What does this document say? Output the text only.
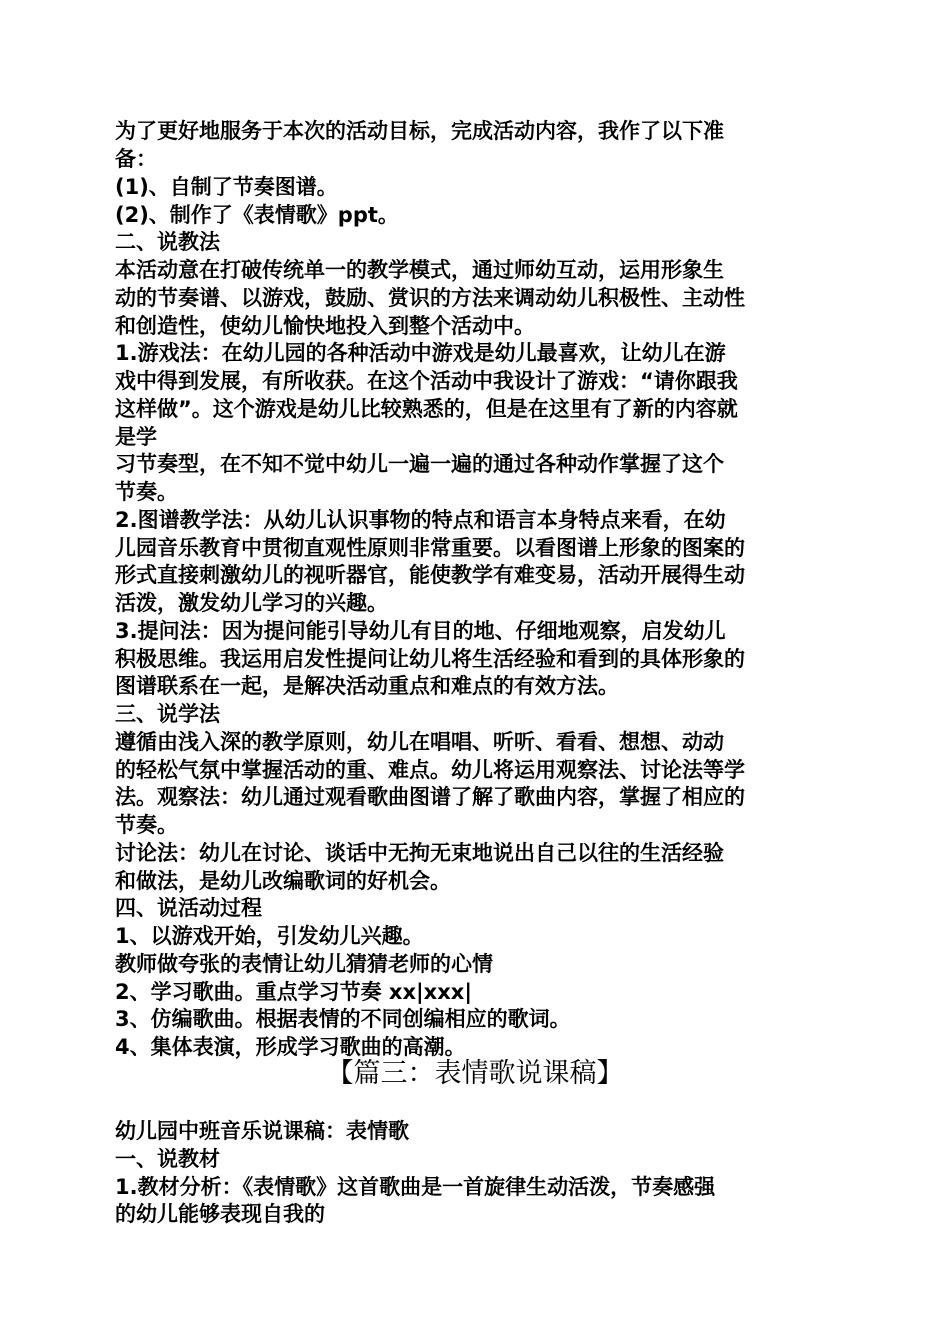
为了更好地服务于本次的活动目标，完成活动内容，我作了以下准
备：
(1)、自制了节奏图谱。
(2)、制作了《表情歌》ppt。
二、说教法
本活动意在打破传统单一的教学模式，通过师幼互动，运用形象生
动的节奏谱、以游戏，鼓励、赏识的方法来调动幼儿积极性、主动性
和创造性，使幼儿愉快地投入到整个活动中。
1.游戏法：在幼儿园的各种活动中游戏是幼儿最喜欢，让幼儿在游
戏中得到发展，有所收获。在这个活动中我设计了游戏：“请你跟我
这样做”。这个游戏是幼儿比较熟悉的，但是在这里有了新的内容就
是学
习节奏型，在不知不觉中幼儿一遍一遍的通过各种动作掌握了这个
节奏。
2.图谱教学法：从幼儿认识事物的特点和语言本身特点来看，在幼
儿园音乐教育中贯彻直观性原则非常重要。以看图谱上形象的图案的
形式直接刺激幼儿的视听器官，能使教学有难变易，活动开展得生动
活泼，激发幼儿学习的兴趣。
3.提问法：因为提问能引导幼儿有目的地、仔细地观察，启发幼儿
积极思维。我运用启发性提问让幼儿将生活经验和看到的具体形象的
图谱联系在一起，是解决活动重点和难点的有效方法。
三、说学法
遵循由浅入深的教学原则，幼儿在唱唱、听听、看看、想想、动动
的轻松气氛中掌握活动的重、难点。幼儿将运用观察法、讨论法等学
法。观察法：幼儿通过观看歌曲图谱了解了歌曲内容，掌握了相应的
节奏。
讨论法：幼儿在讨论、谈话中无拘无束地说出自己以往的生活经验
和做法，是幼儿改编歌词的好机会。
四、说活动过程
1、以游戏开始，引发幼儿兴趣。
教师做夸张的表情让幼儿猜猜老师的心情
2、学习歌曲。重点学习节奏 xx|xxx|
3、仿编歌曲。根据表情的不同创编相应的歌词。
4、集体表演，形成学习歌曲的高潮。
【篇三：表情歌说课稿】
幼儿园中班音乐说课稿：表情歌
一、说教材
1.教材分析：《表情歌》这首歌曲是一首旋律生动活泼，节奏感强
的幼儿能够表现自我的
